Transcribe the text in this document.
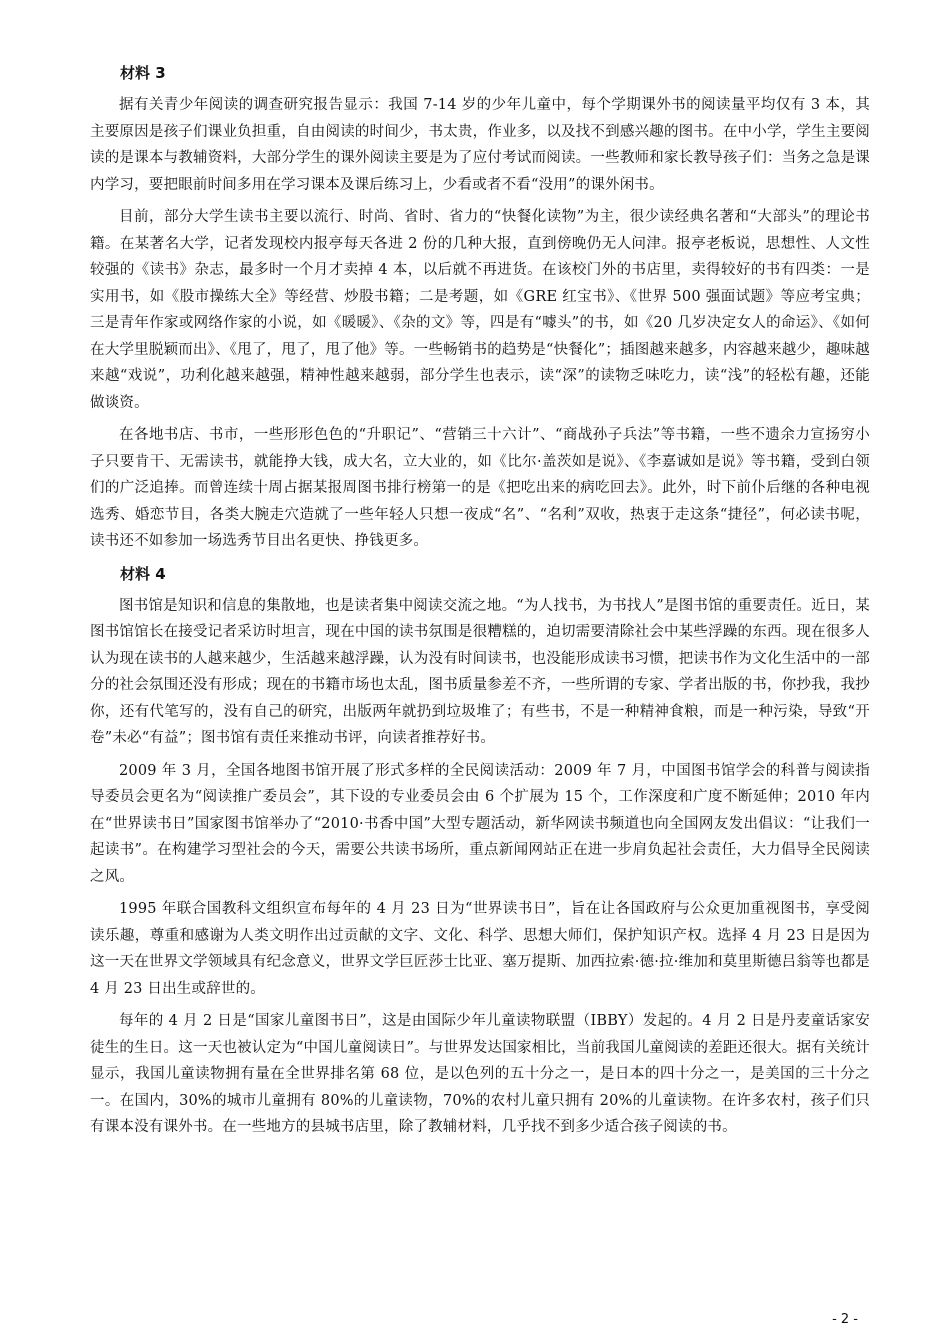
材料 3

据有关青少年阅读的调查研究报告显示：我国 7-14 岁的少年儿童中，每个学期课外书的阅读量平均仅有 3 本，其主要原因是孩子们课业负担重，自由阅读的时间少，书太贵，作业多，以及找不到感兴趣的图书。在中小学，学生主要阅读的是课本与教辅资料，大部分学生的课外阅读主要是为了应付考试而阅读。一些教师和家长教导孩子们：当务之急是课内学习，要把眼前时间多用在学习课本及课后练习上，少看或者不看“没用”的课外闲书。

目前，部分大学生读书主要以流行、时尚、省时、省力的“快餐化读物”为主，很少读经典名著和“大部头”的理论书籍。在某著名大学，记者发现校内报亭每天各进 2 份的几种大报，直到傍晚仍无人问津。报亭老板说，思想性、人文性较强的《读书》杂志，最多时一个月才卖掉 4 本，以后就不再进货。在该校门外的书店里，卖得较好的书有四类：一是实用书，如《股市操练大全》等经营、炒股书籍；二是考题，如《GRE 红宝书》、《世界 500 强面试题》等应考宝典；三是青年作家或网络作家的小说，如《暖暖》、《杂的文》等，四是有“噱头”的书，如《20 几岁决定女人的命运》、《如何在大学里脱颖而出》、《甩了，甩了，甩了他》等。一些畅销书的趋势是“快餐化”；插图越来越多，内容越来越少，趣味越来越“戏说”，功利化越来越强，精神性越来越弱，部分学生也表示，读“深”的读物乏味吃力，读“浅”的轻松有趣，还能做谈资。

在各地书店、书市，一些形形色色的“升职记”、“营销三十六计”、“商战孙子兵法”等书籍，一些不遗余力宣扬穷小子只要肯干、无需读书，就能挣大钱，成大名，立大业的，如《比尔·盖茨如是说》、《李嘉诚如是说》等书籍，受到白领们的广泛追捧。而曾连续十周占据某报周图书排行榜第一的是《把吃出来的病吃回去》。此外，时下前仆后继的各种电视选秀、婚恋节目，各类大腕走穴造就了一些年轻人只想一夜成“名”、“名利”双收，热衷于走这条“捷径”，何必读书呢，读书还不如参加一场选秀节目出名更快、挣钱更多。

材料 4

图书馆是知识和信息的集散地，也是读者集中阅读交流之地。“为人找书，为书找人”是图书馆的重要责任。近日，某图书馆馆长在接受记者采访时坦言，现在中国的读书氛围是很糟糕的，迫切需要清除社会中某些浮躁的东西。现在很多人认为现在读书的人越来越少，生活越来越浮躁，认为没有时间读书，也没能形成读书习惯，把读书作为文化生活中的一部分的社会氛围还没有形成；现在的书籍市场也太乱，图书质量参差不齐，一些所谓的专家、学者出版的书，你抄我，我抄你，还有代笔写的，没有自己的研究，出版两年就扔到垃圾堆了；有些书，不是一种精神食粮，而是一种污染，导致“开卷”未必“有益”；图书馆有责任来推动书评，向读者推荐好书。

2009 年 3 月，全国各地图书馆开展了形式多样的全民阅读活动：2009 年 7 月，中国图书馆学会的科普与阅读指导委员会更名为“阅读推广委员会”，其下设的专业委员会由 6 个扩展为 15 个，工作深度和广度不断延伸；2010 年内在“世界读书日”国家图书馆举办了“2010·书香中国”大型专题活动，新华网读书频道也向全国网友发出倡议：“让我们一起读书”。在构建学习型社会的今天，需要公共读书场所，重点新闻网站正在进一步肩负起社会责任，大力倡导全民阅读之风。

1995 年联合国教科文组织宣布每年的 4 月 23 日为“世界读书日”，旨在让各国政府与公众更加重视图书，享受阅读乐趣，尊重和感谢为人类文明作出过贡献的文字、文化、科学、思想大师们，保护知识产权。选择 4 月 23 日是因为这一天在世界文学领域具有纪念意义，世界文学巨匠莎士比亚、塞万提斯、加西拉索·德·拉·维加和莫里斯德吕翁等也都是 4 月 23 日出生或辞世的。

每年的 4 月 2 日是“国家儿童图书日”，这是由国际少年儿童读物联盟（IBBY）发起的。4 月 2 日是丹麦童话家安徒生的生日。这一天也被认定为“中国儿童阅读日”。与世界发达国家相比，当前我国儿童阅读的差距还很大。据有关统计显示，我国儿童读物拥有量在全世界排名第 68 位，是以色列的五十分之一，是日本的四十分之一，是美国的三十分之一。在国内，30%的城市儿童拥有 80%的儿童读物，70%的农村儿童只拥有 20%的儿童读物。在许多农村，孩子们只有课本没有课外书。在一些地方的县城书店里，除了教辅材料，几乎找不到多少适合孩子阅读的书。

- 2 -
